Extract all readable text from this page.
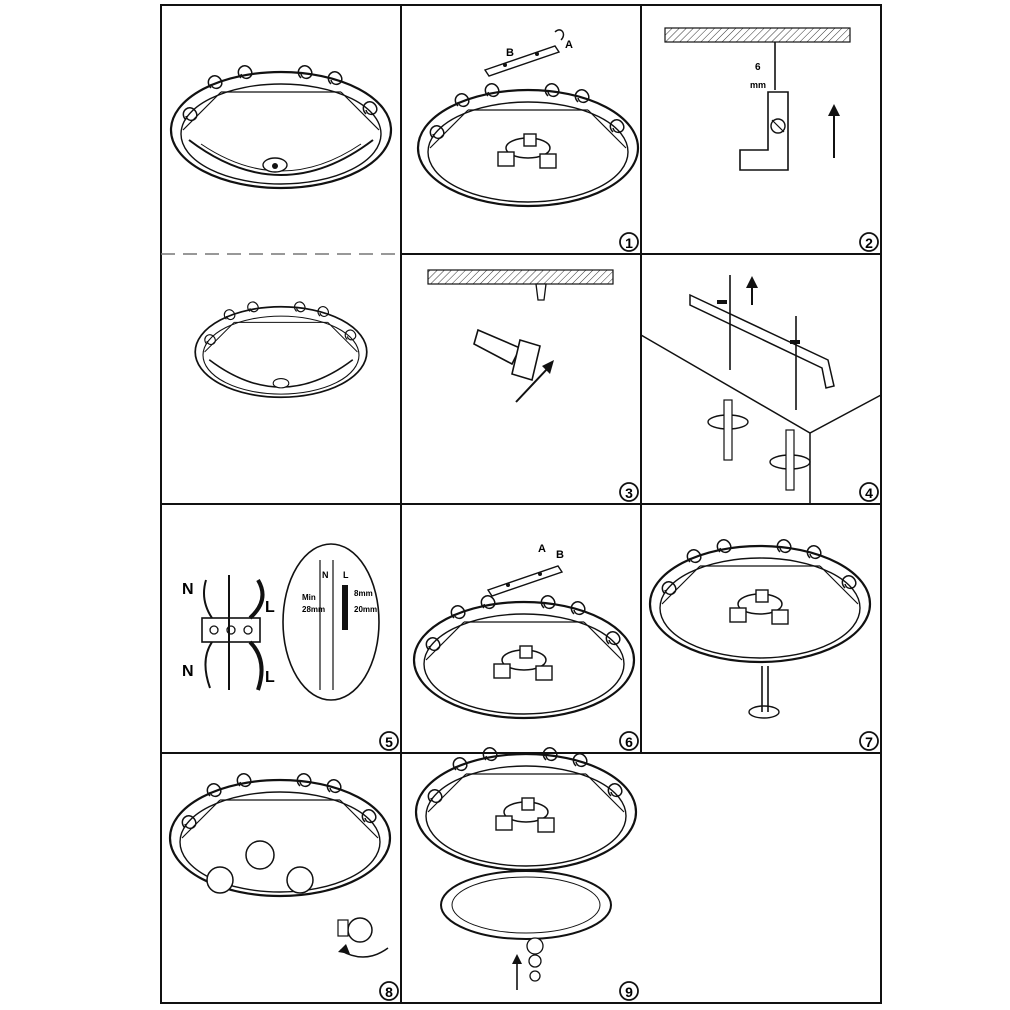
B
A
6
mm
N
N
L
L
N L
Min
28mm
8mm
20mm
A B
1	2
3	4
5	6	7
8	9
